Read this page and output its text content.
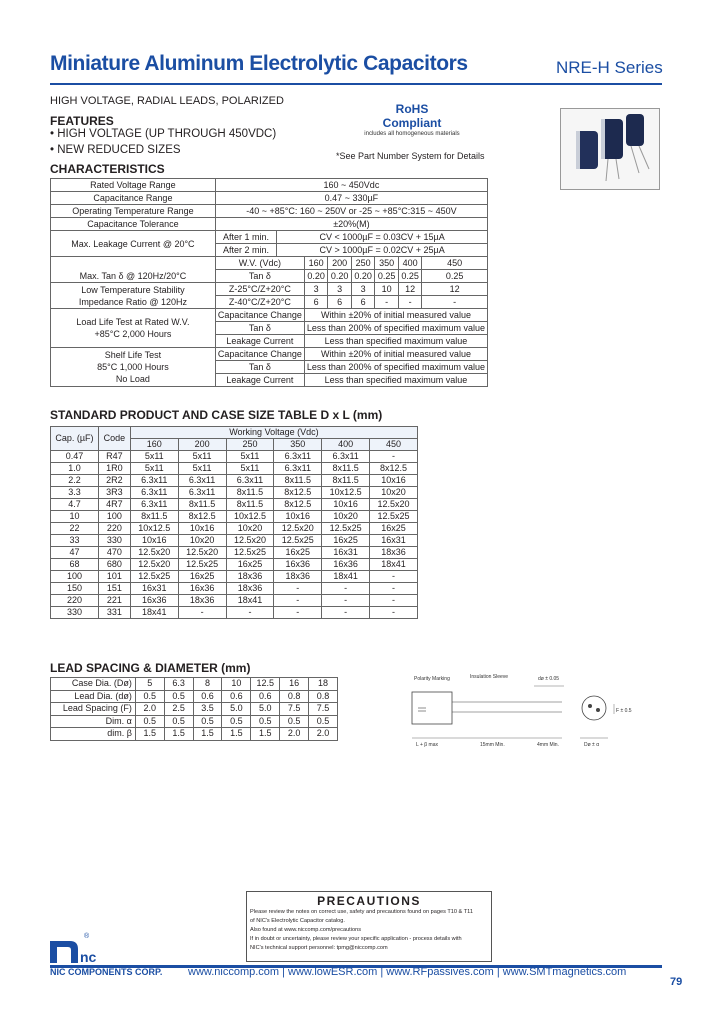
Miniature Aluminum Electrolytic Capacitors	NRE-H Series
HIGH VOLTAGE, RADIAL LEADS, POLARIZED
FEATURES
• HIGH VOLTAGE (UP THROUGH 450VDC)
• NEW REDUCED SIZES
RoHS
Compliant
includes all homogeneous materials
*See Part Number System for Details
CHARACTERISTICS
Rated Voltage Range	160 ~ 450Vdc							
Capacitance Range	0.47 ~ 330µF							
Operating Temperature Range	-40 ~ +85°C: 160 ~ 250V or -25 ~ +85°C:315 ~ 450V							
Capacitance Tolerance	±20%(M)							
Max. Leakage Current @ 20°C	After 1 min.	CV < 1000µF = 0.03CV + 15µA						
	After 2 min.	CV > 1000µF = 0.02CV + 25µA						
Max. Tan δ @ 120Hz/20°C	W.V. (Vdc)		160	200	250	350	400	450
	Tan δ		0.20	0.20	0.20	0.25	0.25	0.25

Low Temperature Stability
Impedance Ratio @ 120Hz	Z-25°C/Z+20°C		3	3	3	10	12	12
	Z-40°C/Z+20°C		6	6	6	-	-	-

Load Life Test at Rated W.V.
+85°C 2,000 Hours	Capacitance Change		Within ±20% of initial measured value					
	Tan δ		Less than 200% of specified maximum value					
	Leakage Current		Less than specified maximum value					

Shelf Life Test
85°C 1,000 Hours
No Load	Capacitance Change		Within ±20% of initial measured value					
	Tan δ		Less than 200% of specified maximum value					
	Leakage Current		Less than specified maximum value					
STANDARD PRODUCT AND CASE SIZE TABLE D x L (mm)
Cap. (µF)	Code	Working Voltage (Vdc)					
		160	200	250	350	400	450
0.47	R47	5x11	5x11	5x11	6.3x11	6.3x11	-
1.0	1R0	5x11	5x11	5x11	6.3x11	8x11.5	8x12.5
2.2	2R2	6.3x11	6.3x11	6.3x11	8x11.5	8x11.5	10x16
3.3	3R3	6.3x11	6.3x11	8x11.5	8x12.5	10x12.5	10x20
4.7	4R7	6.3x11	8x11.5	8x11.5	8x12.5	10x16	12.5x20
10	100	8x11.5	8x12.5	10x12.5	10x16	10x20	12.5x25
22	220	10x12.5	10x16	10x20	12.5x20	12.5x25	16x25
33	330	10x16	10x20	12.5x20	12.5x25	16x25	16x31
47	470	12.5x20	12.5x20	12.5x25	16x25	16x31	18x36
68	680	12.5x20	12.5x25	16x25	16x36	16x36	18x41
100	101	12.5x25	16x25	18x36	18x36	18x41	-
150	151	16x31	16x36	18x36	-	-	-
220	221	16x36	18x36	18x41	-	-	-
330	331	18x41	-	-	-	-	-
LEAD SPACING & DIAMETER (mm)
Case Dia. (Dø)	5	6.3	8	10	12.5	16	18
Lead Dia. (dø)	0.5	0.5	0.6	0.6	0.6	0.8	0.8
Lead Spacing (F)	2.0	2.5	3.5	5.0	5.0	7.5	7.5
Dim. α	0.5	0.5	0.5	0.5	0.5	0.5	0.5
dim. β	1.5	1.5	1.5	1.5	1.5	2.0	2.0
Polarity Marking	Insulation Sleeve	dø ± 0.05
F ± 0.5
L + β max	15mm Min.	4mm Min.	Dø ± α
PRECAUTIONS
Please review the notes on correct use, safety and precautions found on pages T10 & T11
of NIC's Electrolytic Capacitor catalog.
Also found at www.niccomp.com/precautions
If in doubt or uncertainty, please review your specific application - process details with
NIC's technical support personnel: tpmg@niccomp.com
nc
®
NIC COMPONENTS CORP. www.niccomp.com | www.lowESR.com | www.RFpassives.com | www.SMTmagnetics.com
79
